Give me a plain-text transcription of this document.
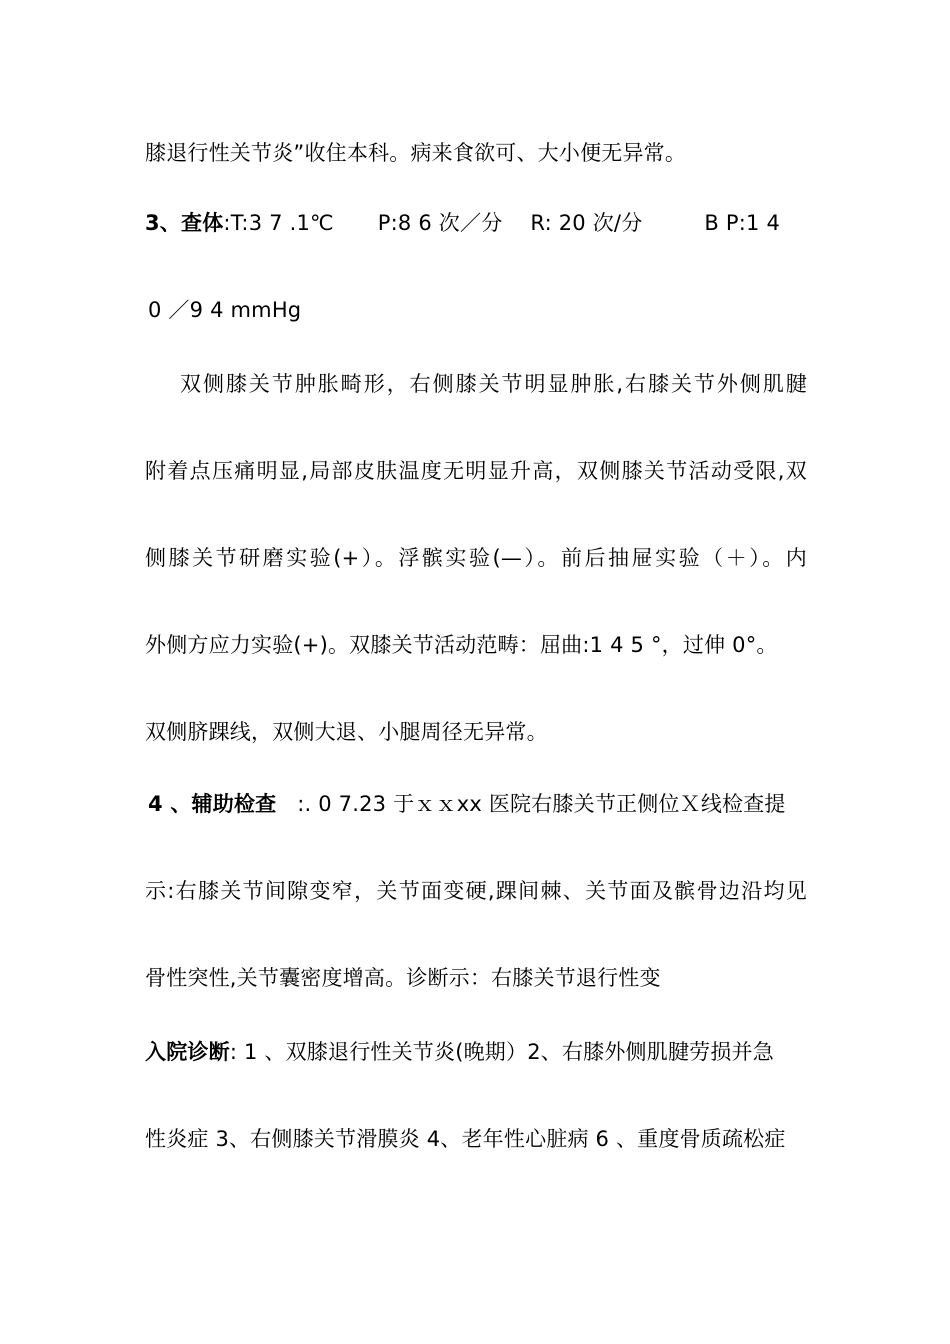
膝退行性关节炎”收住本科。病来食欲可、大小便无异常。
3、查体:T:3 7 .1℃ P:8 6 次／分 R: 20 次/分	B P:1 4
0 ／9 4 mmHg
双侧膝关节肿胀畸形，右侧膝关节明显肿胀,右膝关节外侧肌腱
附着点压痛明显,局部皮肤温度无明显升高，双侧膝关节活动受限,双
侧膝关节研磨实验(+）。浮髌实验(—）。前后抽屉实验（＋）。内
外侧方应力实验(+)。双膝关节活动范畴：屈曲:1 4 5 °，过伸 0°。
双侧脐踝线，双侧大退、小腿周径无异常。
4 、辅助检查 :. 0 7.23 于ｘｘxx 医院右膝关节正侧位Ｘ线检查提
示:右膝关节间隙变窄，关节面变硬,踝间棘、关节面及髌骨边沿均见
骨性突性,关节囊密度增高。诊断示：右膝关节退行性变
入院诊断: 1 、双膝退行性关节炎(晚期）2、右膝外侧肌腱劳损并急
性炎症 3、右侧膝关节滑膜炎 4、老年性心脏病 6 、重度骨质疏松症
